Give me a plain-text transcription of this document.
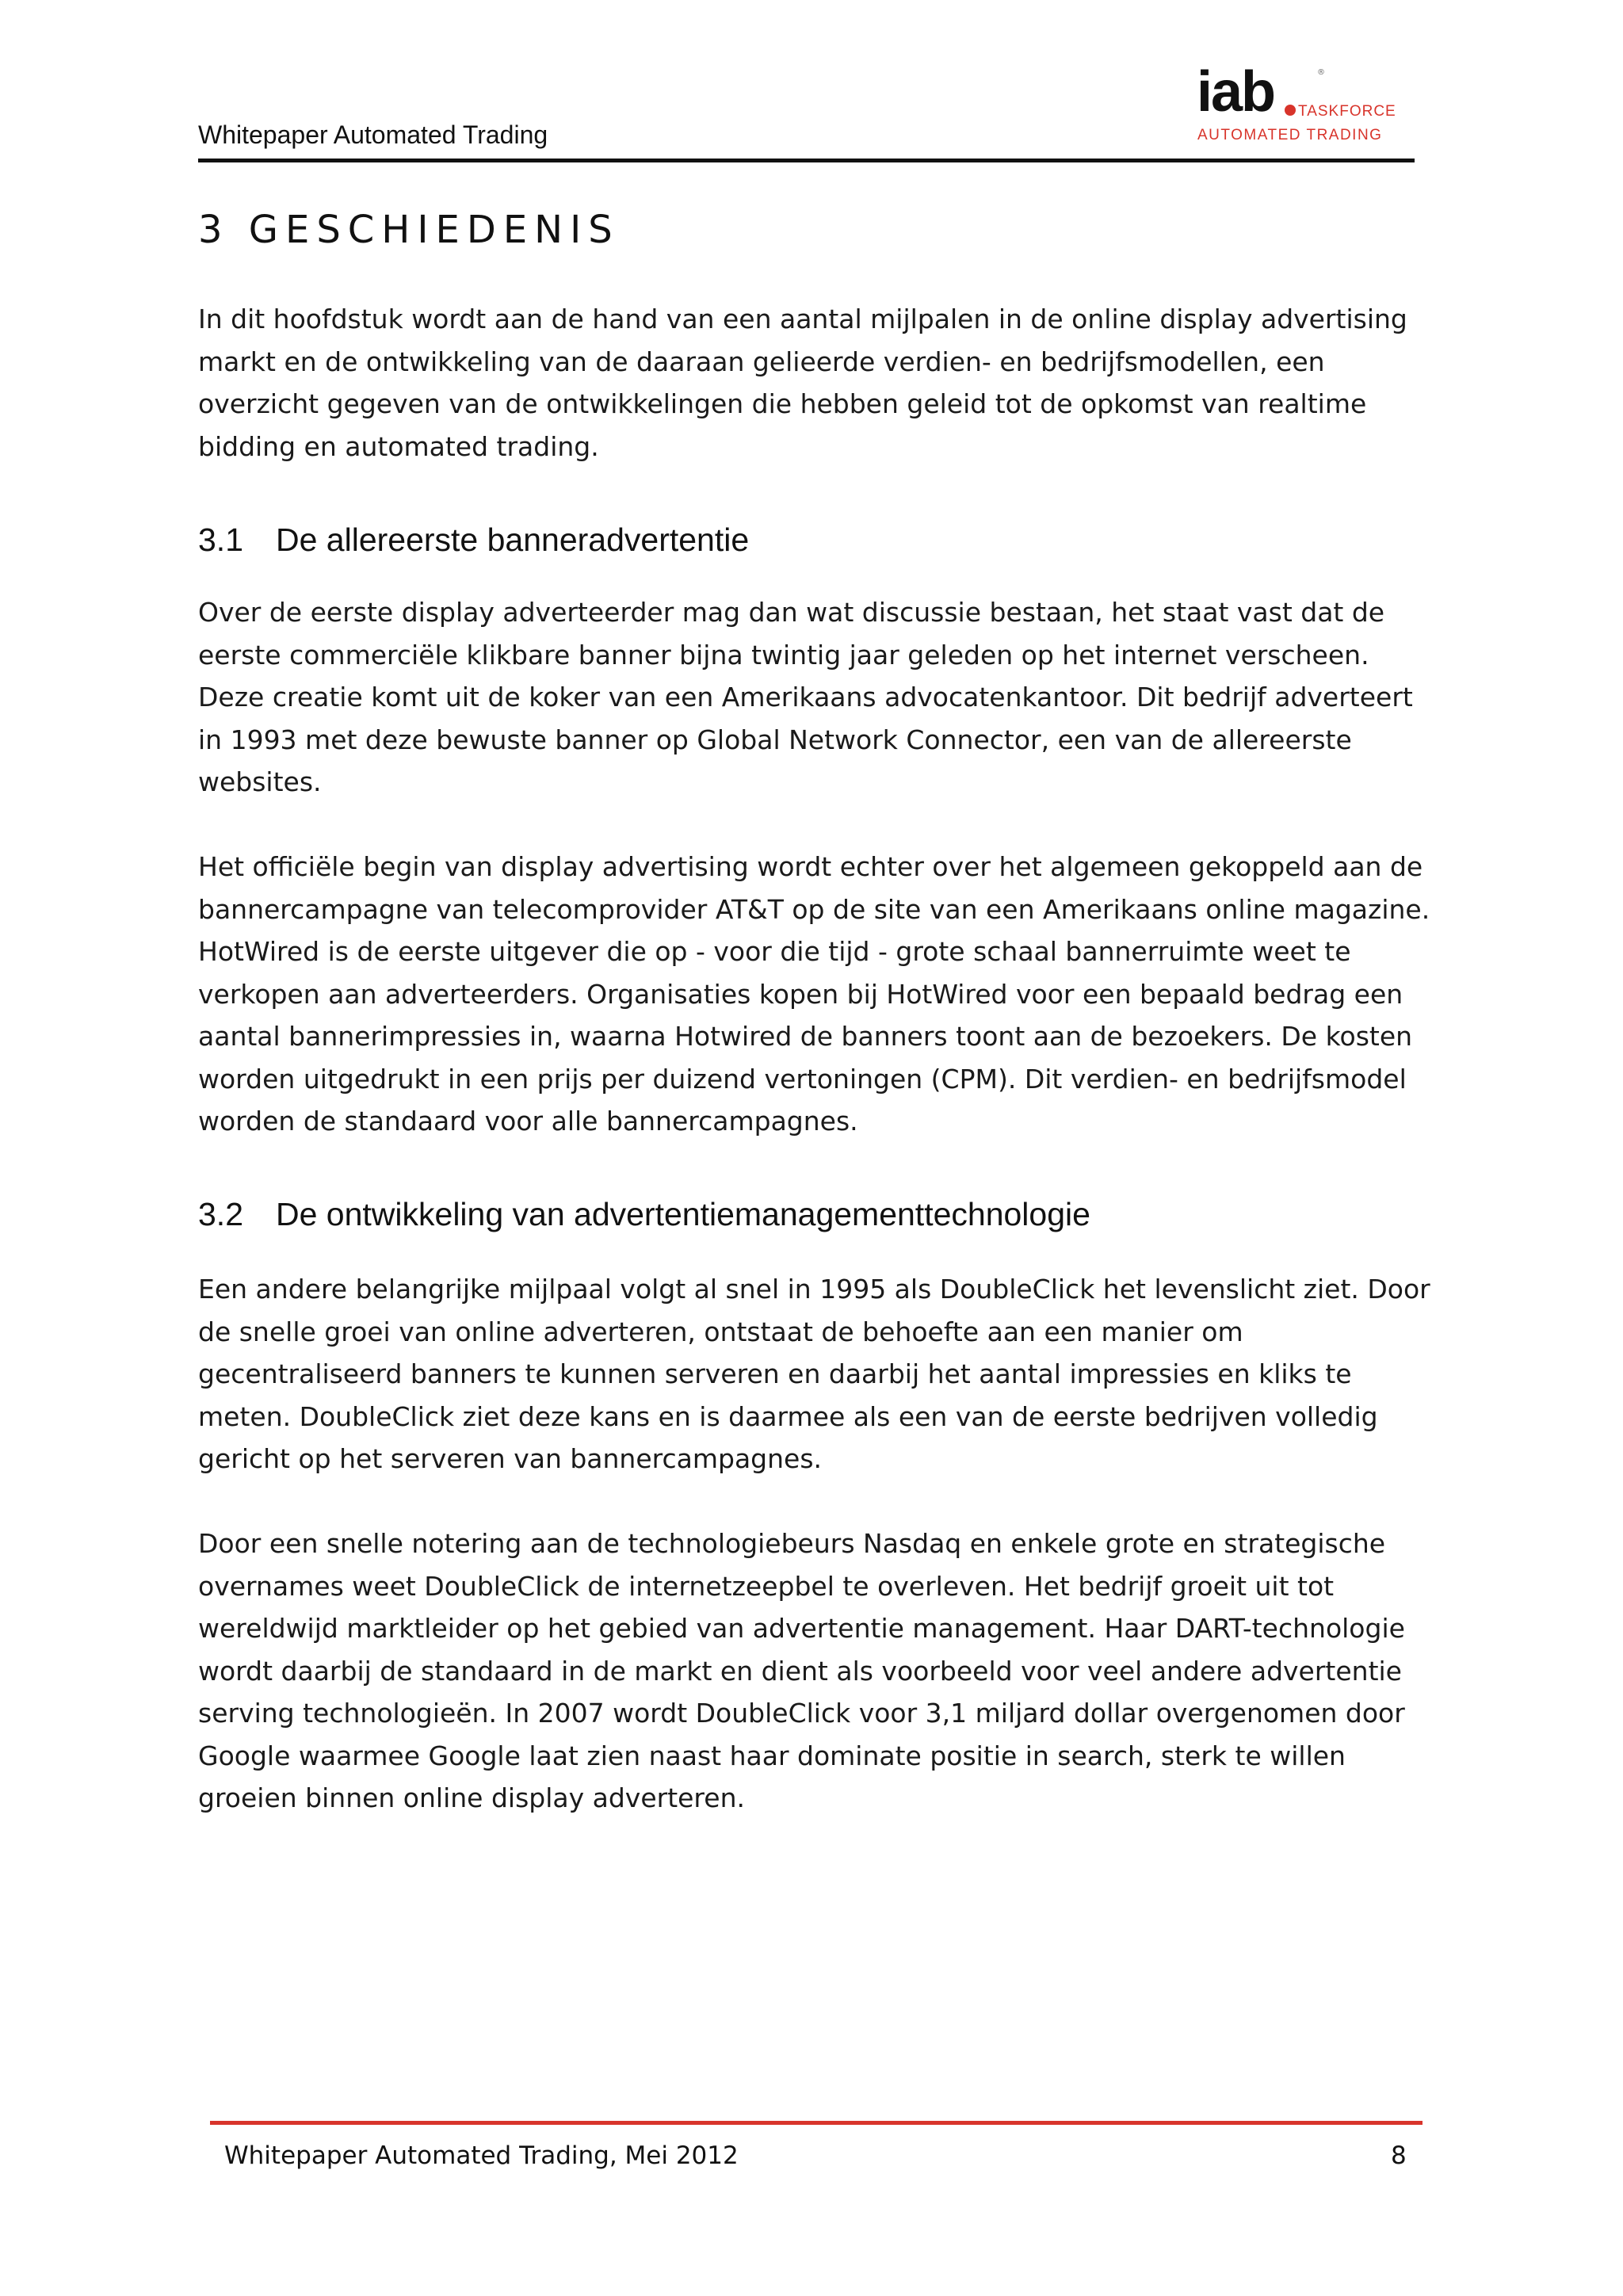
Whitepaper Automated Trading
iab	®
TASKFORCE
AUTOMATED TRADING
3 GESCHIEDENIS

In dit hoofdstuk wordt aan de hand van een aantal mijlpalen in de online display advertising markt en de ontwikkeling van de daaraan gelieerde verdien- en bedrijfsmodellen, een overzicht gegeven van de ontwikkelingen die hebben geleid tot de opkomst van realtime bidding en automated trading.

3.1 De allereerste banneradvertentie

Over de eerste display adverteerder mag dan wat discussie bestaan, het staat vast dat de eerste commerciële klikbare banner bijna twintig jaar geleden op het internet verscheen. Deze creatie komt uit de koker van een Amerikaans advocatenkantoor. Dit bedrijf adverteert in 1993 met deze bewuste banner op Global Network Connector, een van de allereerste websites.

Het officiële begin van display advertising wordt echter over het algemeen gekoppeld aan de bannercampagne van telecomprovider AT&T op de site van een Amerikaans online magazine. HotWired is de eerste uitgever die op - voor die tijd - grote schaal bannerruimte weet te verkopen aan adverteerders. Organisaties kopen bij HotWired voor een bepaald bedrag een aantal bannerimpressies in, waarna Hotwired de banners toont aan de bezoekers. De kosten worden uitgedrukt in een prijs per duizend vertoningen (CPM). Dit verdien- en bedrijfsmodel worden de standaard voor alle bannercampagnes.

3.2 De ontwikkeling van advertentiemanagementtechnologie

Een andere belangrijke mijlpaal volgt al snel in 1995 als DoubleClick het levenslicht ziet. Door de snelle groei van online adverteren, ontstaat de behoefte aan een manier om gecentraliseerd banners te kunnen serveren en daarbij het aantal impressies en kliks te meten. DoubleClick ziet deze kans en is daarmee als een van de eerste bedrijven volledig gericht op het serveren van bannercampagnes.

Door een snelle notering aan de technologiebeurs Nasdaq en enkele grote en strategische overnames weet DoubleClick de internetzeepbel te overleven. Het bedrijf groeit uit tot wereldwijd marktleider op het gebied van advertentie management. Haar DART-technologie wordt daarbij de standaard in de markt en dient als voorbeeld voor veel andere advertentie serving technologieën. In 2007 wordt DoubleClick voor 3,1 miljard dollar overgenomen door Google waarmee Google laat zien naast haar dominate positie in search, sterk te willen groeien binnen online display adverteren.

Whitepaper Automated Trading, Mei 2012	8
